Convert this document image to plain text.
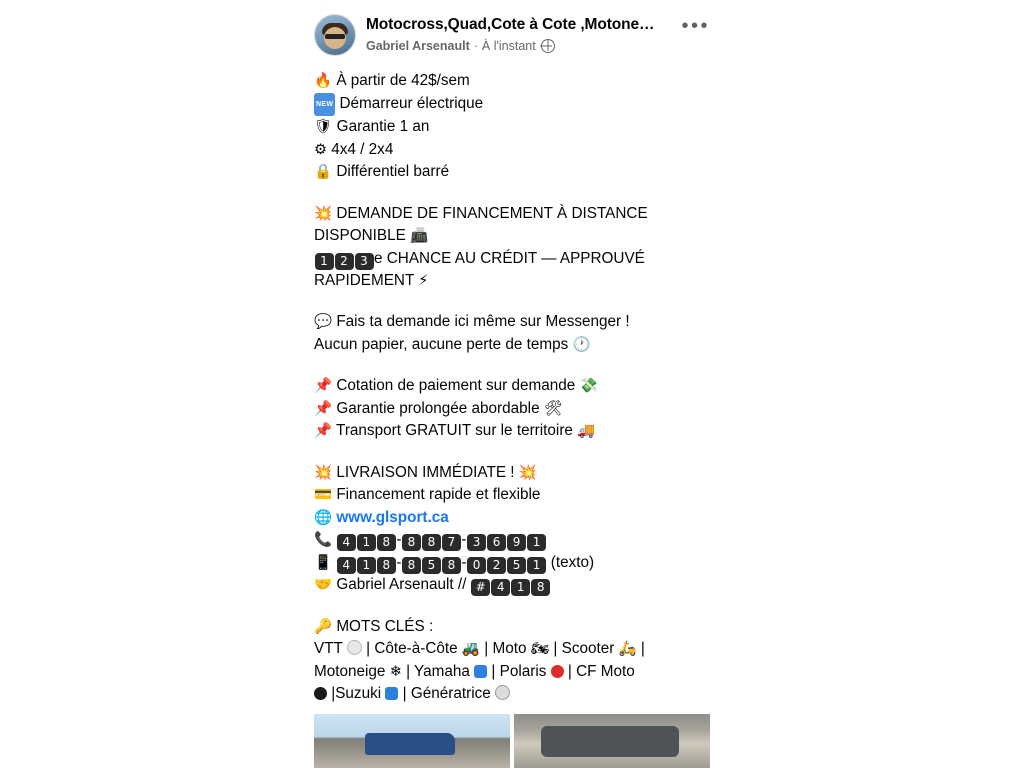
Motocross,Quad,Cote à Cote ,Motone…
Gabriel Arsenault · À l'instant
•••
🔥 À partir de 42$/sem
NEW Démarreur électrique
🛡 Garantie 1 an
⚙ 4x4 / 2x4
🔒 Différentiel barré
💥 DEMANDE DE FINANCEMENT À DISTANCE
DISPONIBLE 📠
1 2 3 e CHANCE AU CRÉDIT — APPROUVÉ
RAPIDEMENT ⚡
💬 Fais ta demande ici même sur Messenger !
Aucun papier, aucune perte de temps 🕐
📌 Cotation de paiement sur demande 💸
📌 Garantie prolongée abordable 🛠
📌 Transport GRATUIT sur le territoire 🚚
💥 LIVRAISON IMMÉDIATE ! 💥
💳 Financement rapide et flexible
🌐 www.glsport.ca
📞 4 1 8 - 8 8 7 - 3 6 9 1
📱 4 1 8 - 8 5 8 - 0 2 5 1 (texto)
🤝 Gabriel Arsenault // # 4 1 8
🔑 MOTS CLÉS :
VTT | Côte-à-Côte 🚜 | Moto 🏍 | Scooter 🛵 |
Motoneige ❄ | Yamaha | Polaris | CF Moto
|Suzuki | Génératrice
